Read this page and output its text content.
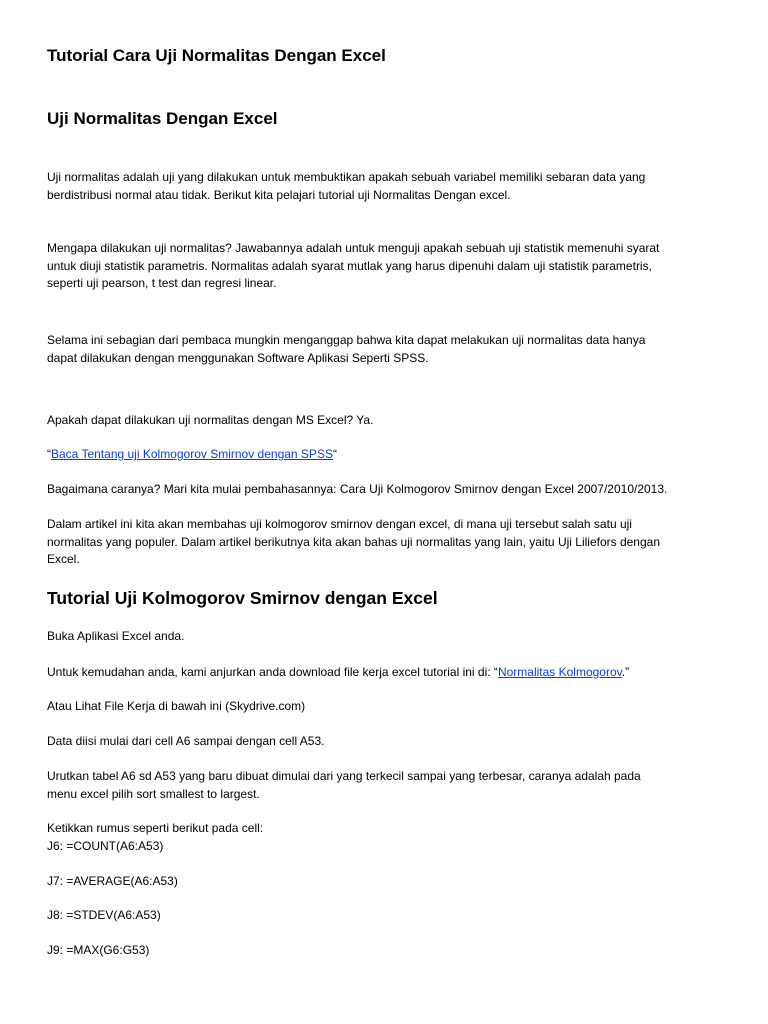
Tutorial Cara Uji Normalitas Dengan Excel
Uji Normalitas Dengan Excel
Uji normalitas adalah uji yang dilakukan untuk membuktikan apakah sebuah variabel memiliki sebaran data yang
berdistribusi normal atau tidak. Berikut kita pelajari tutorial uji Normalitas Dengan excel.
Mengapa dilakukan uji normalitas? Jawabannya adalah untuk menguji apakah sebuah uji statistik memenuhi syarat
untuk diuji statistik parametris. Normalitas adalah syarat mutlak yang harus dipenuhi dalam uji statistik parametris,
seperti uji pearson, t test dan regresi linear.
Selama ini sebagian dari pembaca mungkin menganggap bahwa kita dapat melakukan uji normalitas data hanya
dapat dilakukan dengan menggunakan Software Aplikasi Seperti SPSS.
Apakah dapat dilakukan uji normalitas dengan MS Excel? Ya.
“Baca Tentang uji Kolmogorov Smirnov dengan SPSS“
Bagaimana caranya? Mari kita mulai pembahasannya: Cara Uji Kolmogorov Smirnov dengan Excel 2007/2010/2013.
Dalam artikel ini kita akan membahas uji kolmogorov smirnov dengan excel, di mana uji tersebut salah satu uji
normalitas yang populer. Dalam artikel berikutnya kita akan bahas uji normalitas yang lain, yaitu Uji Liliefors dengan
Excel.
Tutorial Uji Kolmogorov Smirnov dengan Excel
Buka Aplikasi Excel anda.
Untuk kemudahan anda, kami anjurkan anda download file kerja excel tutorial ini di: “Normalitas Kolmogorov.”
Atau Lihat File Kerja di bawah ini (Skydrive.com)
Data diisi mulai dari cell A6 sampai dengan cell A53.
Urutkan tabel A6 sd A53 yang baru dibuat dimulai dari yang terkecil sampai yang terbesar, caranya adalah pada
menu excel pilih sort smallest to largest.
Ketikkan rumus seperti berikut pada cell:
J6: =COUNT(A6:A53)
J7: =AVERAGE(A6:A53)
J8: =STDEV(A6:A53)
J9: =MAX(G6:G53)
